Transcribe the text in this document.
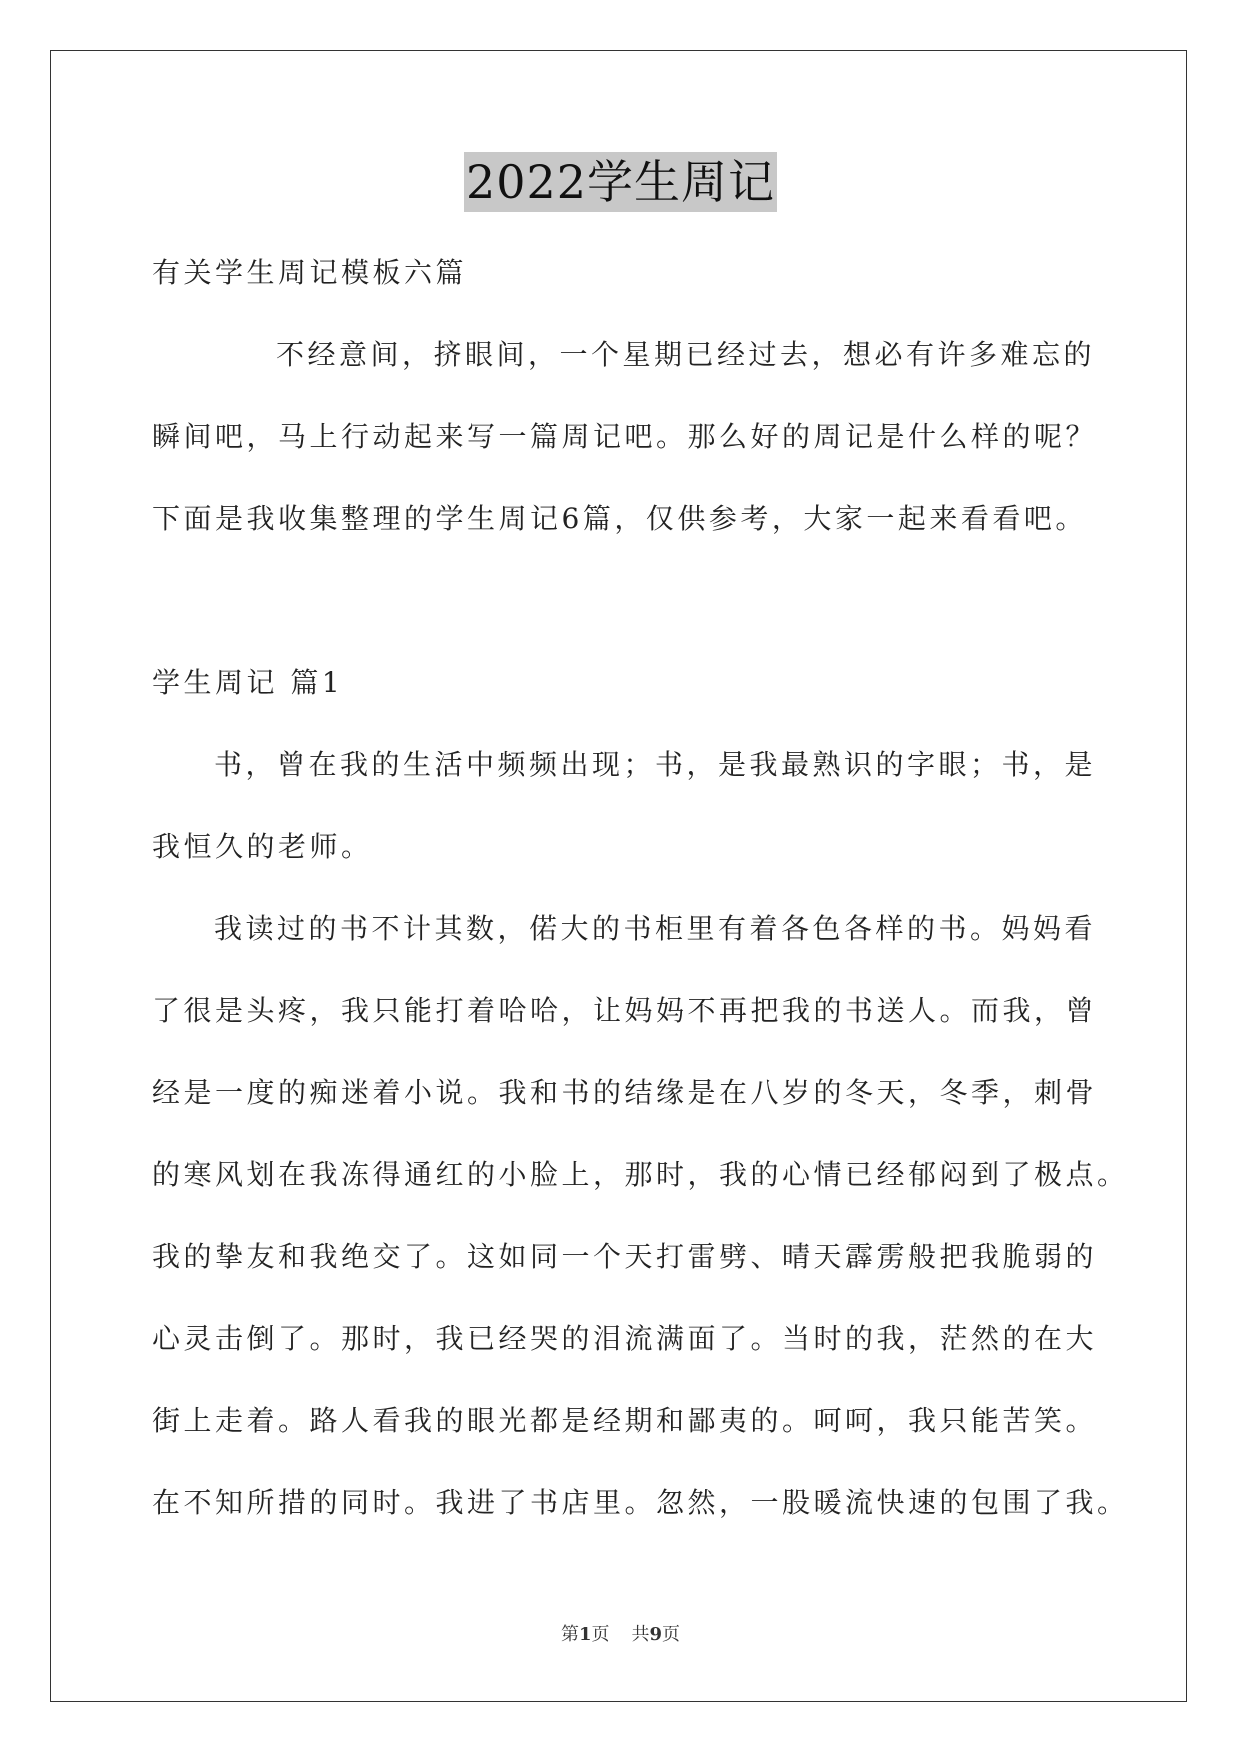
2022学生周记
有关学生周记模板六篇
不经意间，挤眼间，一个星期已经过去，想必有许多难忘的
瞬间吧，马上行动起来写一篇周记吧。那么好的周记是什么样的呢？
下面是我收集整理的学生周记6篇，仅供参考，大家一起来看看吧。
学生周记 篇1
书，曾在我的生活中频频出现；书，是我最熟识的字眼；书，是
我恒久的老师。
我读过的书不计其数，偌大的书柜里有着各色各样的书。妈妈看
了很是头疼，我只能打着哈哈，让妈妈不再把我的书送人。而我，曾
经是一度的痴迷着小说。我和书的结缘是在八岁的冬天，冬季，刺骨
的寒风划在我冻得通红的小脸上，那时，我的心情已经郁闷到了极点。
我的挚友和我绝交了。这如同一个天打雷劈、晴天霹雳般把我脆弱的
心灵击倒了。那时，我已经哭的泪流满面了。当时的我，茫然的在大
街上走着。路人看我的眼光都是经期和鄙夷的。呵呵，我只能苦笑。
在不知所措的同时。我进了书店里。忽然，一股暖流快速的包围了我。
第1页 共9页
